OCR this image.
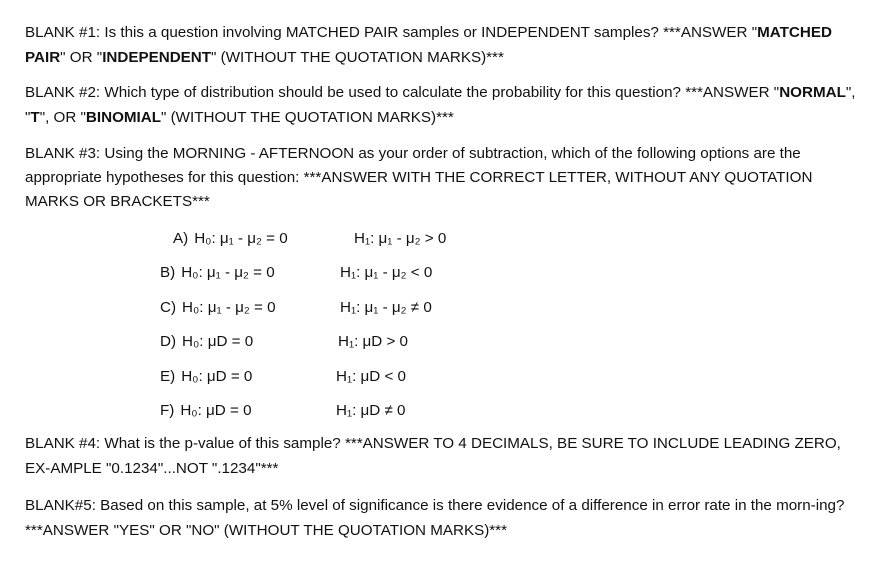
BLANK #1: Is this a question involving MATCHED PAIR samples or INDEPENDENT samples? ***ANSWER "MATCHED PAIR" OR "INDEPENDENT" (WITHOUT THE QUOTATION MARKS)***

BLANK #2: Which type of distribution should be used to calculate the probability for this question? ***ANSWER "NORMAL", "T", OR "BINOMIAL" (WITHOUT THE QUOTATION MARKS)***

BLANK #3: Using the MORNING - AFTERNOON as your order of subtraction, which of the following options are the appropriate hypotheses for this question: ***ANSWER WITH THE CORRECT LETTER, WITHOUT ANY QUOTATION MARKS OR BRACKETS***

A) H₀: μ₁ - μ₂ = 0	H₁: μ₁ - μ₂ > 0
B) H₀: μ₁ - μ₂ = 0	H₁: μ₁ - μ₂ < 0
C) H₀: μ₁ - μ₂ = 0	H₁: μ₁ - μ₂ ≠ 0
D) H₀: μD = 0	H₁: μD > 0
E) H₀: μD = 0	H₁: μD < 0
F) H₀: μD = 0	H₁: μD ≠ 0

BLANK #4: What is the p-value of this sample? ***ANSWER TO 4 DECIMALS, BE SURE TO INCLUDE LEADING ZERO, EX-AMPLE "0.1234"...NOT ".1234"***

BLANK#5: Based on this sample, at 5% level of significance is there evidence of a difference in error rate in the morn-ing? ***ANSWER "YES" OR "NO" (WITHOUT THE QUOTATION MARKS)***
